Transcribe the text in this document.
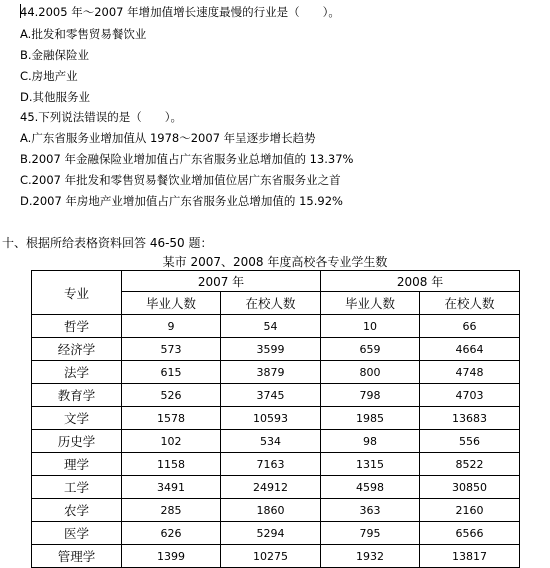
44.2005 年～2007 年增加值增长速度最慢的行业是（　　）。
A.批发和零售贸易餐饮业
B.金融保险业
C.房地产业
D.其他服务业
45.下列说法错误的是（　　）。
A.广东省服务业增加值从 1978～2007 年呈逐步增长趋势
B.2007 年金融保险业增加值占广东省服务业总增加值的 13.37%
C.2007 年批发和零售贸易餐饮业增加值位居广东省服务业之首
D.2007 年房地产业增加值占广东省服务业总增加值的 15.92%
十、根据所给表格资料回答 46-50 题：
某市 2007、2008 年度高校各专业学生数
专业	2007 年		2008 年	
	毕业人数	在校人数	毕业人数	在校人数
哲学	9	54	10	66
经济学	573	3599	659	4664
法学	615	3879	800	4748
教育学	526	3745	798	4703
文学	1578	10593	1985	13683
历史学	102	534	98	556
理学	1158	7163	1315	8522
工学	3491	24912	4598	30850
农学	285	1860	363	2160
医学	626	5294	795	6566
管理学	1399	10275	1932	13817
